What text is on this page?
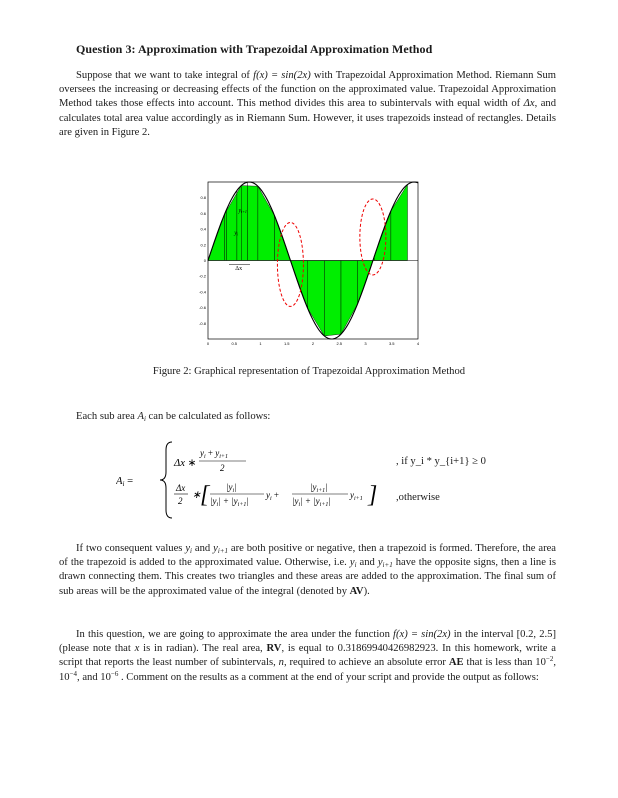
Question 3: Approximation with Trapezoidal Approximation Method

Suppose that we want to take integral of f(x) = sin(2x) with Trapezoidal Approximation Method. Riemann Sum oversees the increasing or decreasing effects of the function on the approximated value. Trapezoidal Approximation Method takes those effects into account. This method divides this area to subintervals with equal width of Δx, and calculates total area value accordingly as in Riemann Sum. However, it uses trapezoids instead of rectangles. Details are given in Figure 2.

0.8
0.6
0.4
0.2
0
-0.2
-0.4
-0.6
-0.8
0	0.5	1	1.5	2	2.5	3	3.5	4
yi+1
yi
Δx
Figure 2: Graphical representation of Trapezoidal Approximation Method
Each sub area $A_i$ can be calculated as follows:
Ai =
Δx ∗
$y_i + y_{i+1}$
2
Δx
2 ∗ [ $|y_i|$
$|y_i| + |y_{i+1}|$
$y_i$ +
$|y_{i+1}|$
$|y_i| + |y_{i+1}|$
$y_{i+1}$ ]
, if y_i * y_{i+1} ≥ 0
,otherwise

If two consequent values $y_i$ and $y_{i+1}$ are both positive or negative, then a trapezoid is formed. Therefore, the area of the trapezoid is added to the approximated value. Otherwise, i.e. $y_i$ and $y_{i+1}$ have the opposite signs, then a line is drawn connecting them. This creates two triangles and these areas are added to the approximation. The final sum of sub areas will be the approximated value of the integral (denoted by AV).

In this question, we are going to approximate the area under the function f(x) = sin(2x) in the interval [0.2, 2.5] (please note that x is in radian). The real area, RV, is equal to 0.31869940426982923. In this homework, write a script that reports the least number of subintervals, n, required to achieve an absolute error AE that is less than $10^{-2}$, $10^{-4}$, and $10^{-6}$ . Comment on the results as a comment at the end of your script and provide the output as follows:
